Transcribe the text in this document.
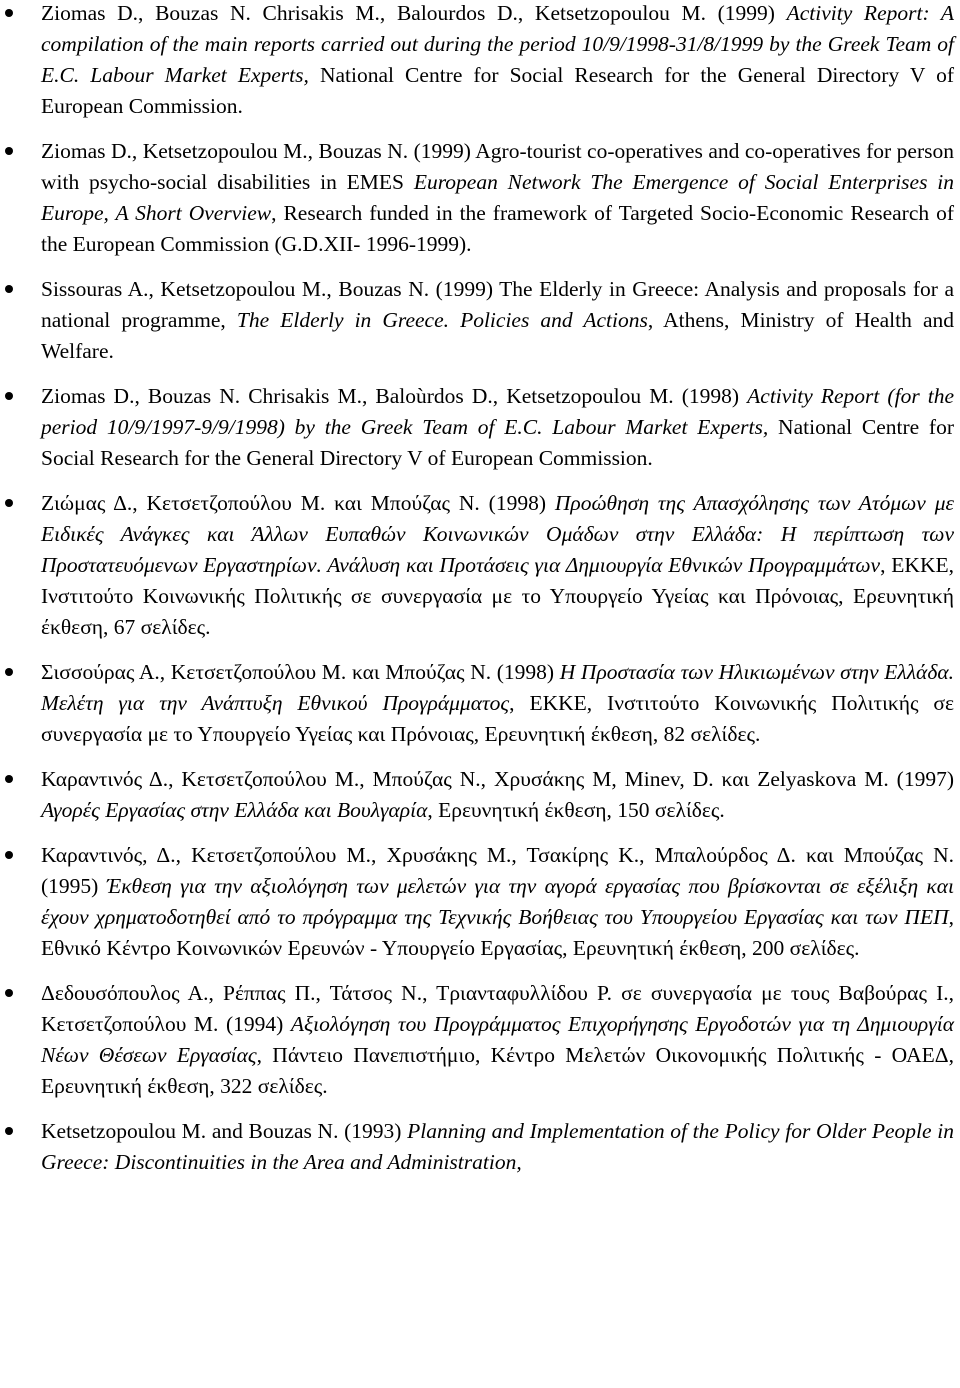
Ziomas D., Bouzas N. Chrisakis M., Balourdos D., Ketsetzopoulou M. (1999) Activity Report: A compilation of the main reports carried out during the period 10/9/1998-31/8/1999 by the Greek Team of E.C. Labour Market Experts, National Centre for Social Research for the General Directory V of European Commission.
Ziomas D., Ketsetzopoulou M., Bouzas N. (1999) Agro-tourist co-operatives and co-operatives for person with psycho-social disabilities in EMES European Network The Emergence of Social Enterprises in Europe, A Short Overview, Research funded in the framework of Targeted Socio-Economic Research of the European Commission (G.D.XII- 1996-1999).
Sissouras A., Ketsetzopoulou M., Bouzas N. (1999) The Elderly in Greece: Analysis and proposals for a national programme, The Elderly in Greece. Policies and Actions, Athens, Ministry of Health and Welfare.
Ziomas D., Bouzas N. Chrisakis M., Baloùrdos D., Ketsetzopoulou M. (1998) Activity Report (for the period 10/9/1997-9/9/1998) by the Greek Team of E.C. Labour Market Experts, National Centre for Social Research for the General Directory V of European Commission.
Ζιώμας Δ., Κετσετζοπούλου Μ. και Μπούζας Ν. (1998) Προώθηση της Απασχόλησης των Ατόμων με Ειδικές Ανάγκες και Άλλων Ευπαθών Κοινωνικών Ομάδων στην Ελλάδα: Η περίπτωση των Προστατευόμενων Εργαστηρίων. Ανάλυση και Προτάσεις για Δημιουργία Εθνικών Προγραμμάτων, ΕΚΚΕ, Ινστιτούτο Κοινωνικής Πολιτικής σε συνεργασία με το Υπουργείο Υγείας και Πρόνοιας, Ερευνητική έκθεση, 67 σελίδες.
Σισσούρας Α., Κετσετζοπούλου Μ. και Μπούζας Ν. (1998) Η Προστασία των Ηλικιωμένων στην Ελλάδα. Μελέτη για την Ανάπτυξη Εθνικού Προγράμματος, ΕΚΚΕ, Ινστιτούτο Κοινωνικής Πολιτικής σε συνεργασία με το Υπουργείο Υγείας και Πρόνοιας, Ερευνητική έκθεση, 82 σελίδες.
Καραντινός Δ., Κετσετζοπούλου Μ., Μπούζας Ν., Χρυσάκης Μ, Minev, D. και Zelyaskova M. (1997) Αγορές Εργασίας στην Ελλάδα και Βουλγαρία, Ερευνητική έκθεση, 150 σελίδες.
Καραντινός, Δ., Κετσετζοπούλου Μ., Χρυσάκης Μ., Τσακίρης Κ., Μπαλούρδος Δ. και Μπούζας Ν. (1995) Έκθεση για την αξιολόγηση των μελετών για την αγορά εργασίας που βρίσκονται σε εξέλιξη και έχουν χρηματοδοτηθεί από το πρόγραμμα της Τεχνικής Βοήθειας του Υπουργείου Εργασίας και των ΠΕΠ, Εθνικό Κέντρο Κοινωνικών Ερευνών - Υπουργείο Εργασίας, Ερευνητική έκθεση, 200 σελίδες.
Δεδουσόπουλος Α., Ρέππας Π., Τάτσος Ν., Τριανταφυλλίδου Ρ. σε συνεργασία με τους Βαβούρας Ι., Κετσετζοπούλου Μ. (1994) Αξιολόγηση του Προγράμματος Επιχορήγησης Εργοδοτών για τη Δημιουργία Νέων Θέσεων Εργασίας, Πάντειο Πανεπιστήμιο, Κέντρο Μελετών Οικονομικής Πολιτικής - ΟΑΕΔ, Ερευνητική έκθεση, 322 σελίδες.
Ketsetzopoulou M. and Bouzas N. (1993) Planning and Implementation of the Policy for Older People in Greece: Discontinuities in the Area and Administration,
